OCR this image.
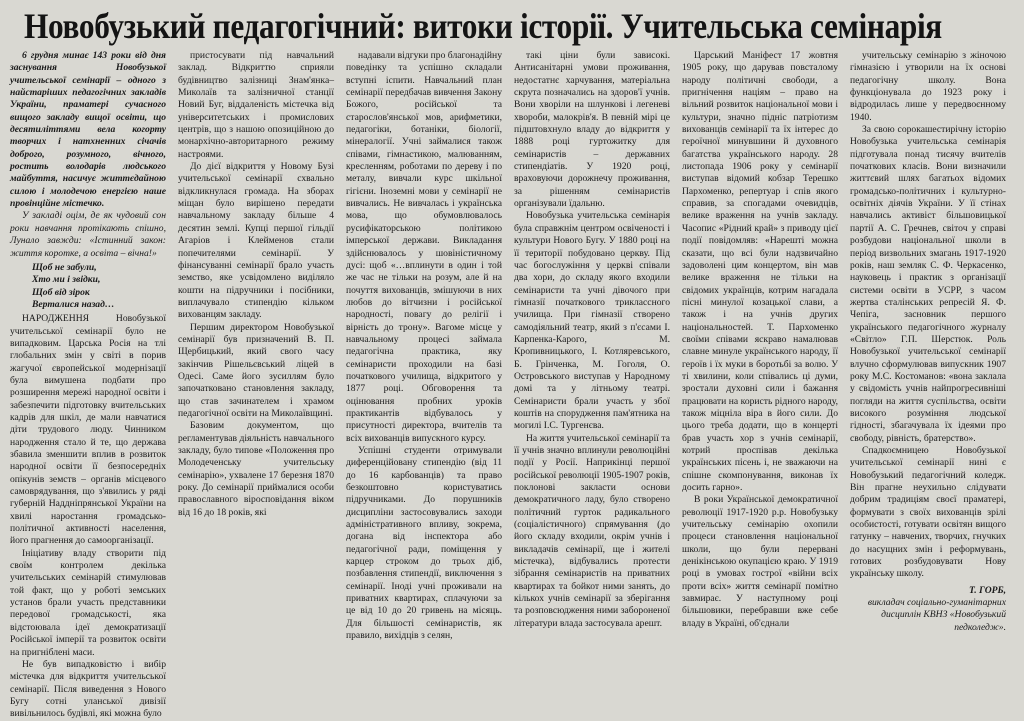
Новобузький педагогічний: витоки історії. Учительська семінарія

6 грудня минає 143 роки від дня заснування Новобузької учительської семінарії – одного з найстаріших педагогічних закладів України, праматері сучасного вищого закладу вищої освіти, що десятиліттями вела когорту творчих і натхненних січачів доброго, розумного, вічного, ростить володарів людського майбуття, насичує життєдайною силою і молодечою енергією наше провінційне містечко.

У закладі оцім, де як чудовий сон роки навчання протікають спішно, Лунало завжди: «Істинний закон: життя коротке, а освіта – вічна!»

Щоб не забули,
Хто ми і звідки,
Щоб від зірок
Верталися назад…

НАРОДЖЕННЯ Новобузької учительської семінарії було не випадковим. Царська Росія на тлі глобальних змін у світі в порив жагучої європейської модернізації була вимушена подбати про розширення мережі народної освіти і забезпечити підготовку вчительських кадрів для шкіл, де мали навчатися діти трудового люду. Чинником народження стало й те, що держава збавила зменшити вплив в розвиток народної освіти її безпосередніх опікунів земств – органів місцевого самоврядування, що з'явились у ряді губерній Наддніпрянської України на хвилі наростання громадсько-політичної активності населення, його прагнення до самоорганізації.

Ініціативу владу створити під своїм контролем декілька учительських семінарій стимулював той факт, що у роботі земських установ брали участь представники передової громадськості, яка відстоювала ідеї демократизації Російської імперії та розвиток освіти на пригніблені маси.

Не був випадковістю і вибір містечка для відкриття учительської семінарії. Після виведення з Нового Бугу сотні уланської дивізії вивільнилось будівлі, які можна було

пристосувати під навчальний заклад. Відкриттю сприяли будівництво залізниці Знам'янка–Миколаїв та залізничної станції Новий Буг, віддаленість містечка від університетських і промислових центрів, що з нашою опозиційною до монархічно-авторитарного режиму настроями.

До дієї відкриття у Новому Бузі учительської семінарії схвально відкликнулася громада. На зборах міщан було вирішено передати навчальному закладу більше 4 десятин землі. Купці першої гільдії Агаріов і Клейменов стали попечителями семінарії. У фінансуванні семінарії брало участь земство, яке усвідомлено виділяло кошти на підручники і посібники, виплачувало стипендію кільком вихованцям закладу.

Першим директором Новобузької семінарії був призначений В. П. Щербицький, який свого часу закінчив Рішельєвський ліцей в Одесі. Саме його зусиллям було започатковано становлення закладу, що став зачинателем і храмом педагогічної освіти на Миколаївщині.

Базовим документом, що регламентував діяльність навчального закладу, було типове «Положення про Молодеченську учительську семінарію», ухвалене 17 березня 1870 року. До семінарії приймалися особи православного віросповідання віком від 16 до 18 років, які

надавали відгуки про благонадійну поведінку та успішно складали вступні іспити. Навчальний план семінарії передбачав вивчення Закону Божого, російської та старослов'янської мов, арифметики, педагогіки, ботаніки, біології, мінералогії. Учні займалися також співами, гімнастикою, малюванням, кресленням, роботами по дереву і по металу, вивчали курс шкільної гігієни. Іноземні мови у семінарії не вивчались. Не вивчалась і українська мова, що обумовлювалось русифікаторською політикою імперської держави. Викладання здійснювалось у шовіністичному дусі: щоб «…вплинути в один і той же час не тільки на розум, але й на почуття вихованців, змішуючи в них любов до вітчизни і російської народності, повагу до релігії і вірність до трону». Вагоме місце у навчальному процесі займала педагогічна практика, яку семінаристи проходили на базі початкового училища, відкритого у 1877 році. Обговорення та оцінювання пробних уроків практикантів відбувалось у присутності директора, вчителів та всіх вихованців випускного курсу.

Успішні студенти отримували диференційовану стипендію (від 11 до 16 карбованців) та право безкоштовно користуватись підручниками. До порушників дисципліни застосовувались заходи адміністративного впливу, зокрема, догана від інспектора або педагогічної ради, поміщення у карцер строком до трьох діб, позбавлення стипендії, виключення з семінарії. Іноді учні проживали на приватних квартирах, сплачуючи за це від 10 до 20 гривень на місяць. Для більшості семінаристів, як правило, вихідців з селян,

такі ціни були зависокі. Антисанітарні умови проживання, недостатнє харчування, матеріальна скрута позначались на здоров'ї учнів. Вони хворіли на шлункові і легеневі хвороби, малокрів'я. В певній мірі це підштовхнуло владу до відкриття у 1888 році гуртожитку для семінаристів – державних стипендіатів. У 1920 році, враховуючи дорожнечу проживання, за рішенням семінаристів організували їдальню.

Новобузька учительська семінарія була справжнім центром освіченості і культури Нового Бугу. У 1880 році на її території побудовано церкву. Під час богослужіння у церкві співали два хори, до складу якого входили семінаристи та учні дівочого при гімназії початкового триклассного училища. При гімназії створено самодіяльний театр, який з п'єсами І. Карпенка-Карого, М. Кропивницького, І. Котляревського, Б. Грінченка, М. Гоголя, О. Островського виступав у Народному домі та у літньому театрі. Семінаристи брали участь у збої коштів на спорудження пам'ятника на могилі І.С. Тургенєва.

На життя учительської семінарії та її учнів значно вплинули революційні події у Росії. Наприкінці першої російської революції 1905-1907 років, поклонові закласти основи демократичного ладу, було створено політичний гурток радикального (соціалістичного) спрямування (до його складу входили, окрім учнів і викладачів семінарії, ще і жителі містечка), відбувались протести зібрання семінаристів на приватних квартирах та бойкот ними занять, до кількох учнів семінарії за зберігання та розповсюдження ними забороненої літератури влада застосувала арешт.

Царський Маніфест 17 жовтня 1905 року, що дарував повсталому народу політичні свободи, а пригнічення націям – право на вільний розвиток національної мови і культури, значно підніс патріотизм вихованців семінарії та їх інтерес до героїчної минувшини й духовного багатства українського народу. 28 листопада 1906 року у семінарії виступав відомий кобзар Терешко Пархоменко, репертуар і спів якого справив, за спогадами очевидців, велике враження на учнів закладу. Часопис «Рідний край» з приводу цієї події повідомляв: «Нарешті можна сказати, що всі були надзвичайно задоволені цим концертом, він мав велике враження не тільки на свідомих українців, котрим нагадала пісні минулої козацької слави, а також і на учнів других національностей. Т. Пархоменко своїми співами яскраво намалював славне минуле українського народу, її героїв і їх муки в боротьбі за волю. У ті хвилини, коли співались ці думи, зростали духовні сили і бажання працювати на користь рідного народу, також міцніла віра в його сили. До цього треба додати, що в концерті брав участь хор з учнів семінарії, котрий проспівав декілька українських пісень і, не зважаючи на спішне скомпонування, виконав їх досить гарно».

В роки Української демократичної революції 1917-1920 р.р. Новобузьку учительську семінарію охопили процеси становлення національної школи, що були перервані денікінською окупацією краю. У 1919 році в умовах гострої «війни всіх проти всіх» життя семінарії помітно завмирає. У наступному році більшовики, перебравши вже себе владу в Україні, об'єднали

учительську семінарію з жіночою гімназією і утворили на їх основі педагогічну школу. Вона функціонувала до 1923 року і відродилась лише у передвоєнному 1940.

За свою сорокашестирічну історію Новобузька учительська семінарія підготувала понад тисячу вчителів початкових класів. Вони визначили життєвий шлях багатьох відомих громадсько-політичних і культурно-освітніх діячів України. У її стінах навчались активіст більшовицької партії А. С. Гречнев, світоч у справі розбудови національної школи в період визвольних змагань 1917-1920 років, наш земляк С. Ф. Черкасенко, науковець і практик з організації системи освіти в УСРР, з часом жертва сталінських репресій Я. Ф. Чепіга, засновник першого українського педагогічного журналу «Світло» Г.П. Шерстюк. Роль Новобузької учительської семінарії влучно сформулював випускник 1907 року М.С. Костоманов: «вона заклала у свідомість учнів найпрогресивніші погляди на життя суспільства, освіти високого розуміння людської гідності, збагачувала їх ідеями про свободу, рівність, братерство».

Спадкоємницею Новобузької учительської семінарії нині є Новобузький педагогічний коледж. Він прагне неухильно слідувати добрим традиціям своєї праматері, формувати з своїх вихованців зрілі особистості, готувати освітян вищого гатунку – навчених, творчих, гнучких до насущних змін і реформувань, готових розбудовувати Нову українську школу.

Т. ГОРБ,
викладач соціально-гуманітарних дисциплін КВНЗ «Новобузький педколедж».
